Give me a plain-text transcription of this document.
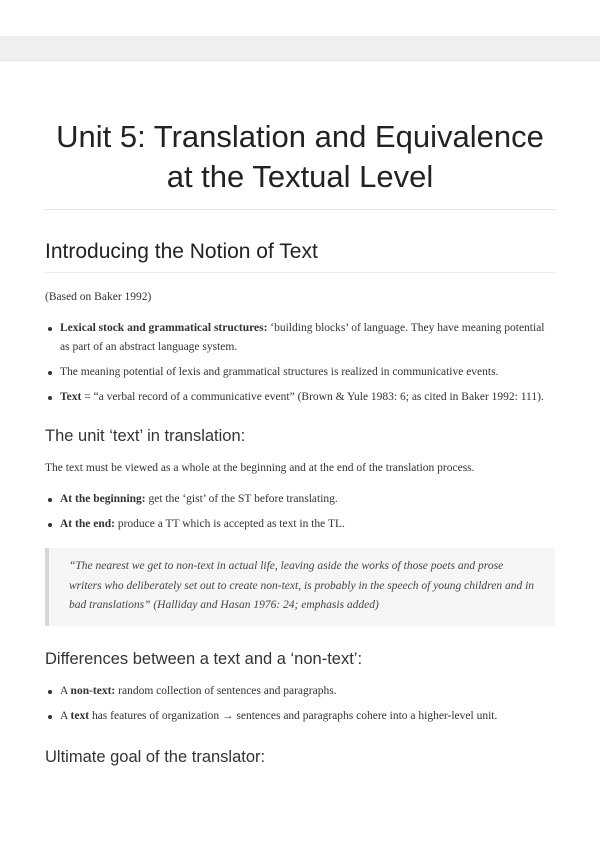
Unit 5: Translation and Equivalence at the Textual Level
Introducing the Notion of Text

(Based on Baker 1992)

Lexical stock and grammatical structures: ‘building blocks’ of language. They have meaning potential as part of an abstract language system.
The meaning potential of lexis and grammatical structures is realized in communicative events.
Text = “a verbal record of a communicative event” (Brown & Yule 1983: 6; as cited in Baker 1992: 111).
The unit ‘text’ in translation:

The text must be viewed as a whole at the beginning and at the end of the translation process.

At the beginning: get the ‘gist’ of the ST before translating.
At the end: produce a TT which is accepted as text in the TL.

“The nearest we get to non-text in actual life, leaving aside the works of those poets and prose writers who deliberately set out to create non-text, is probably in the speech of young children and in bad translations” (Halliday and Hasan 1976: 24; emphasis added)

Differences between a text and a ‘non-text’:
A non-text: random collection of sentences and paragraphs.
A text has features of organization → sentences and paragraphs cohere into a higher-level unit.
Ultimate goal of the translator:
